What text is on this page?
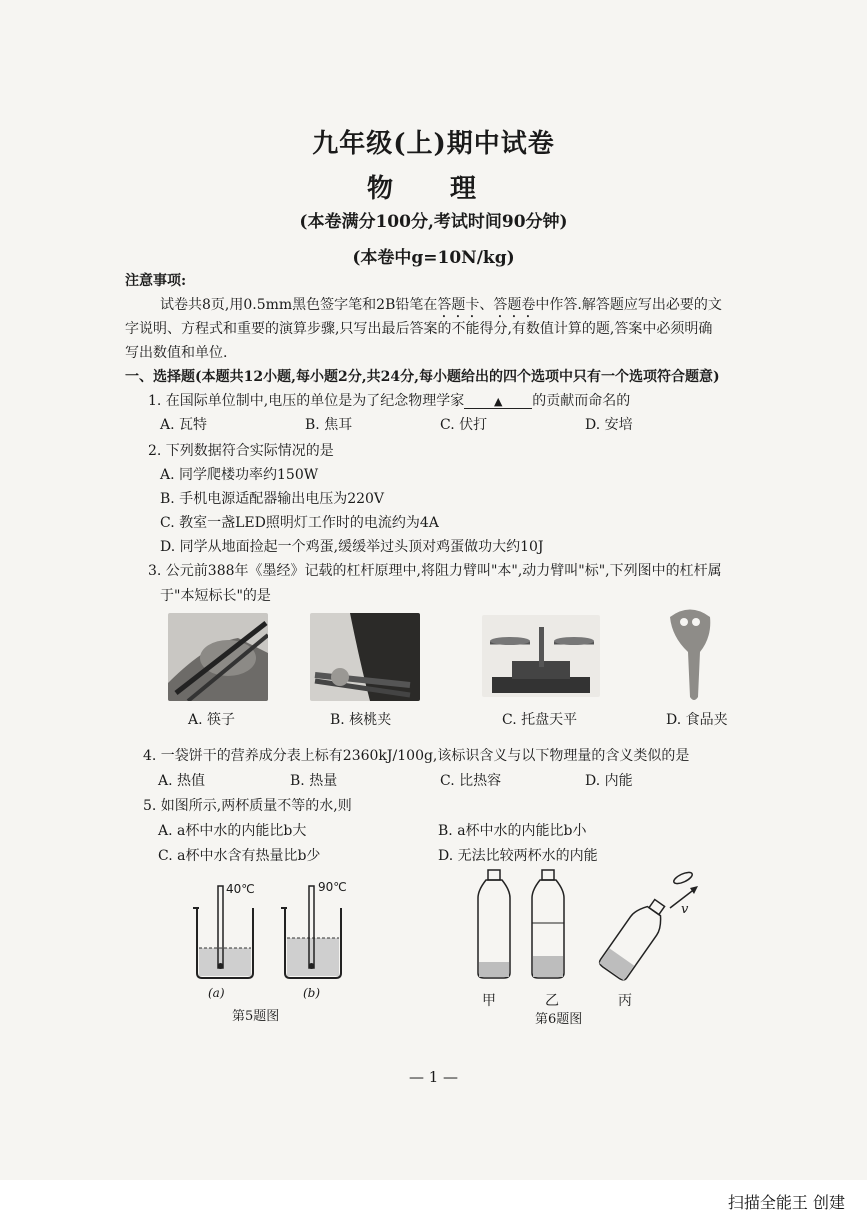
九年级(上)期中试卷
物 理
(本卷满分100分,考试时间90分钟)
(本卷中g=10N/kg)
注意事项:
试卷共8页,用0.5mm黑色签字笔和2B铅笔在答题卡、答题卷中作答.解答题应写出必要的文
字说明、方程式和重要的演算步骤,只写出最后答案的不能得分,有数值计算的题,答案中必须明确
写出数值和单位.
一、选择题(本题共12小题,每小题2分,共24分,每小题给出的四个选项中只有一个选项符合题意)
1. 在国际单位制中,电压的单位是为了纪念物理学家	▲ 的贡献而命名的
A. 瓦特	B. 焦耳	C. 伏打	D. 安培
2. 下列数据符合实际情况的是
A. 同学爬楼功率约150W
B. 手机电源适配器输出电压为220V
C. 教室一盏LED照明灯工作时的电流约为4A
D. 同学从地面捡起一个鸡蛋,缓缓举过头顶对鸡蛋做功大约10J
3. 公元前388年《墨经》记载的杠杆原理中,将阻力臂叫"本",动力臂叫"标",下列图中的杠杆属
于"本短标长"的是
A. 筷子	B. 核桃夹	C. 托盘天平	D. 食品夹
4. 一袋饼干的营养成分表上标有2360kJ/100g,该标识含义与以下物理量的含义类似的是
A. 热值	B. 热量	C. 比热容	D. 内能
5. 如图所示,两杯质量不等的水,则
A. a杯中水的内能比b大	B. a杯中水的内能比b小
C. a杯中水含有热量比b少	D. 无法比较两杯水的内能
40℃	90℃
(a)	(b)
第5题图
v
甲	乙	丙
第6题图
— 1 —
扫描全能王 创建
